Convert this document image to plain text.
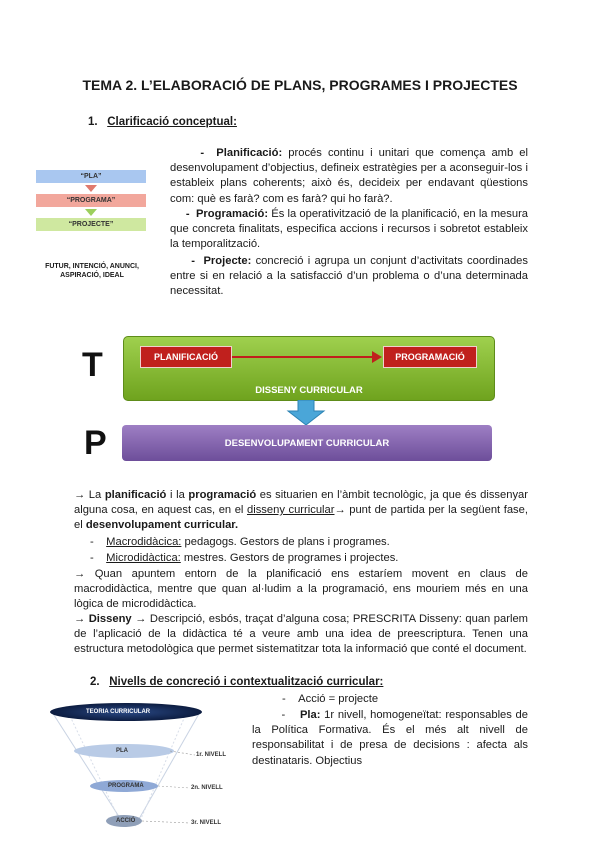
TEMA 2. L’ELABORACIÓ DE PLANS, PROGRAMES I PROJECTES
1. Clarificació conceptual:
“PLA”
“PROGRAMA”
“PROJECTE”
FUTUR, INTENCIÓ, ANUNCI, ASPIRACIÓ, IDEAL
-  Planificació: procés continu i unitari que comença amb el desenvolupament d’objectius, defineix estratègies per a aconseguir-los i estableix plans coherents; això és, decideix per endavant qüestions com: què es farà? com es farà? qui ho farà?.
-  Programació: És la operativització de la planificació, en la mesura que concreta finalitats, especifica accions i recursos i sobretot estableix la temporalització.
-  Projecte: concreció i agrupa un conjunt d’activitats coordinades entre si en relació a la satisfacció d’un problema o d’una determinada necessitat.
T
P
PLANIFICACIÓ	PROGRAMACIÓ
DISSENY CURRICULAR
DESENVOLUPAMENT CURRICULAR
→ La planificació i la programació es situarien en l’àmbit tecnològic, ja que és dissenyar alguna cosa, en aquest cas, en el disseny curricular→ punt de partida per la següent fase, el desenvolupament curricular.
-    Macrodidàcica: pedagogs. Gestors de plans i programes.
-    Microdidàctica: mestres. Gestors de programes i projectes.
→ Quan apuntem entorn de la planificació ens estaríem movent en claus de macrodidàctica, mentre que quan al·ludim a la programació, ens mouriem més en una lògica de microdidàctica.
→ Disseny → Descripció, esbós, traçat d’alguna cosa; PRESCRITA Disseny: quan parlem de l’aplicació de la didàctica té a veure amb una idea de preescriptura. Tenen una estructura metodològica que permet sistematitzar tota la informació que conté el document.
2. Nivells de concreció i contextualització curricular:
TEORIA CURRICULAR
PLA
PROGRAMA
ACCIÓ
1r. NIVELL
2n. NIVELL
3r. NIVELL
-    Acció = projecte
-    Pla: 1r nivell, homogeneïtat: responsables de la Política Formativa. És el més alt nivell de responsabilitat i de presa de decisions : afecta als destinataris. Objectius
